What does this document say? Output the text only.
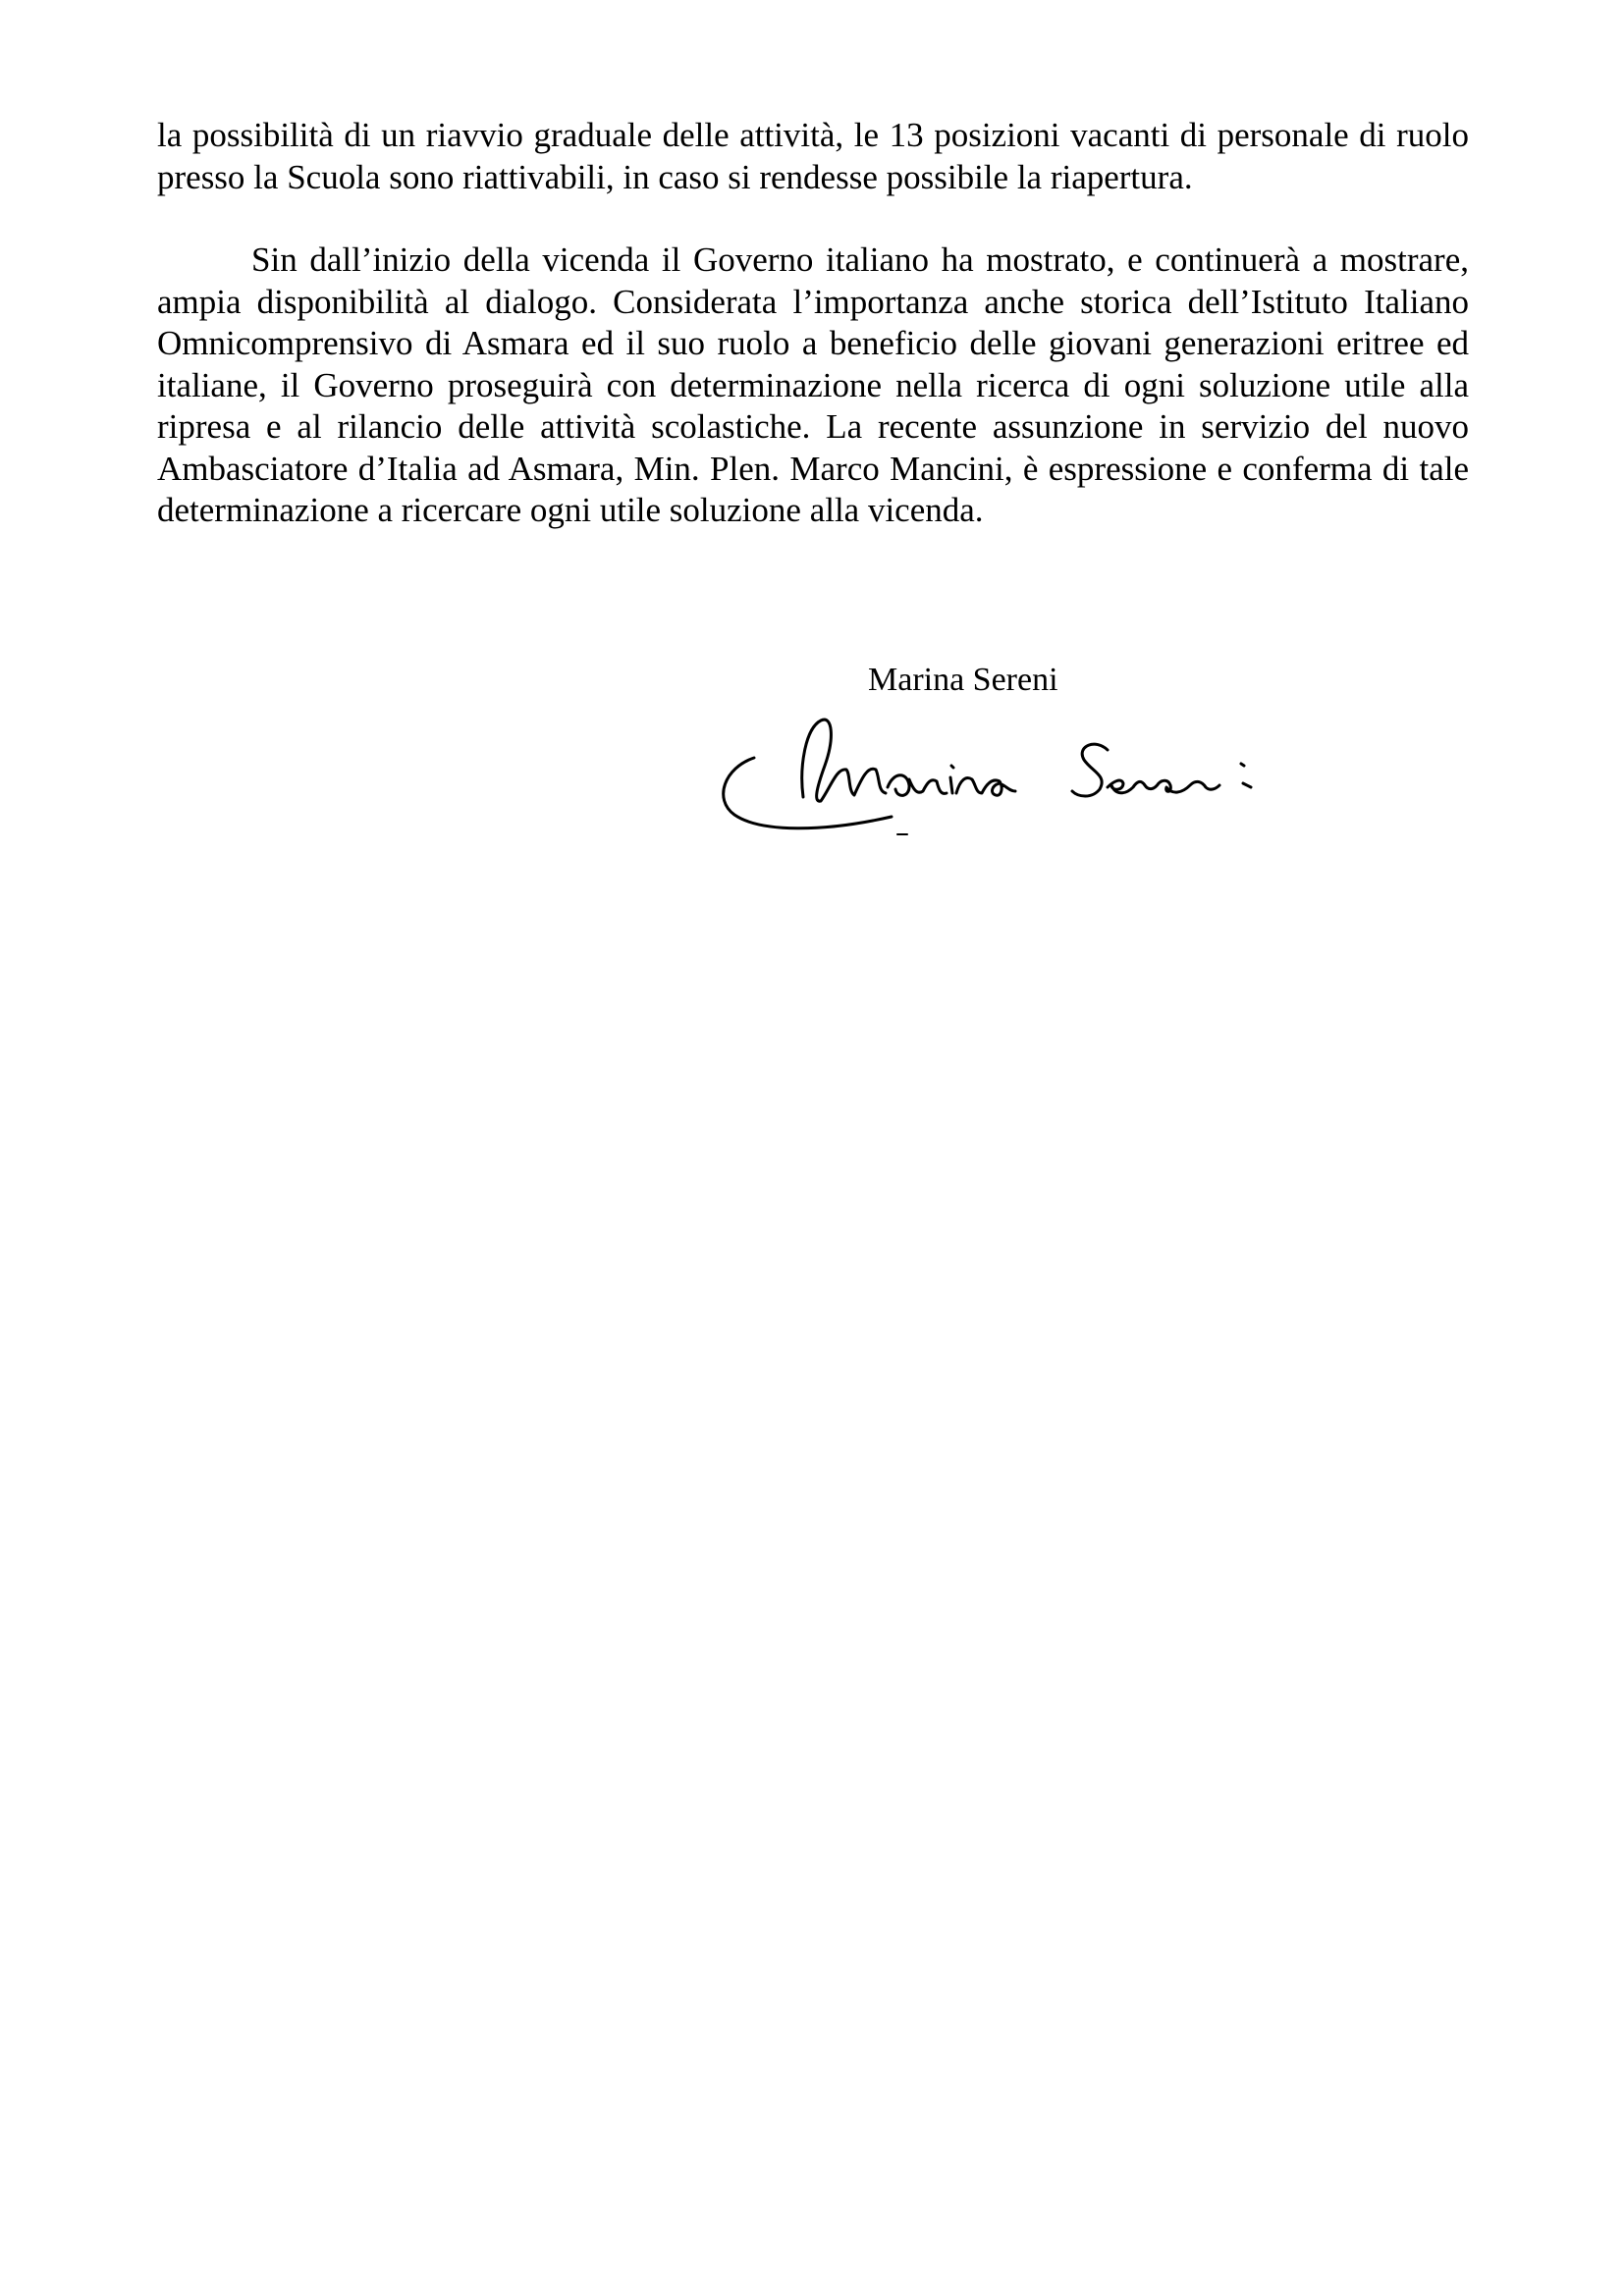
la possibilità di un riavvio graduale delle attività, le 13 posizioni vacanti di personale di ruolo presso la Scuola sono riattivabili, in caso si rendesse possibile la riapertura.

Sin dall’inizio della vicenda il Governo italiano ha mostrato, e continuerà a mostrare, ampia disponibilità al dialogo. Considerata l’importanza anche storica dell’Istituto Italiano Omnicomprensivo di Asmara ed il suo ruolo a beneficio delle giovani generazioni eritree ed italiane, il Governo proseguirà con determinazione nella ricerca di ogni soluzione utile alla ripresa e al rilancio delle attività scolastiche. La recente assunzione in servizio del nuovo Ambasciatore d’Italia ad Asmara, Min. Plen. Marco Mancini, è espressione e conferma di tale determinazione a ricercare ogni utile soluzione alla vicenda.

Marina Sereni
